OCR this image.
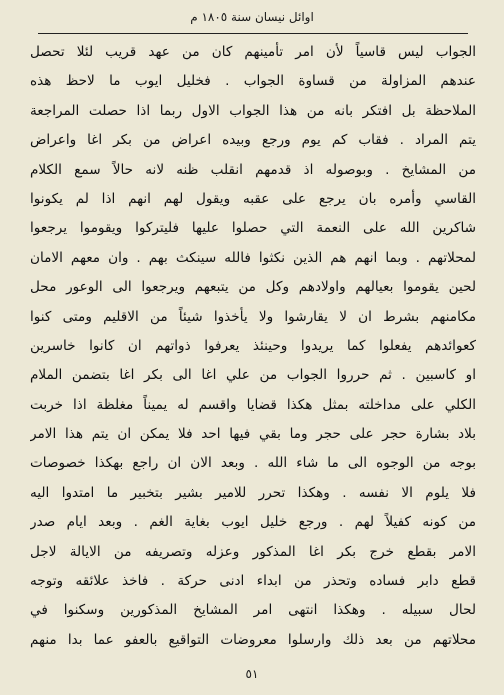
اوائل نيسان سنة ١٨٠٥ م
الجواب ليس قاسياً لأن امر تأمينهم كان من عهد قريب لئلا تحصل
عندهم المزاولة من قساوة الجواب . فخليل ايوب ما لاحظ هذه
الملاحظة بل افتكر بانه من هذا الجواب الاول ربما اذا حصلت المراجعة
يتم المراد . فقاب كم يوم ورجع وبيده اعراض من بكر اغا واعراض
من المشايخ . وبوصوله اذ قدمهم انقلب ظنه لانه حالاً سمع الكلام
القاسي وأمره بان يرجع على عقبه ويقول لهم انهم اذا لم يكونوا
شاكرين الله على النعمة التي حصلوا عليها فليتركوا ويقوموا يرجعوا
لمحلاتهم . وبما انهم هم الذين نكثوا فالله سينكث بهم . وان معهم الامان
لحين يقوموا بعيالهم واولادهم وكل من يتبعهم ويرجعوا الى الوعور محل
مكامنهم بشرط ان لا يقارشوا ولا يأخذوا شيئاً من الاقليم ومتى كنوا
كعوائدهم يفعلوا كما يريدوا وحينئذ يعرفوا ذواتهم ان كانوا خاسرين
او كاسبين . ثم حرروا الجواب من علي اغا الى بكر اغا بتضمن الملام
الكلي على مداخلته بمثل هكذا قضايا واقسم له يميناً مغلظة اذا خربت
بلاد بشارة حجر على حجر وما بقي فيها احد فلا يمكن ان يتم هذا الامر
بوجه من الوجوه الى ما شاء الله . وبعد الان ان راجع بهكذا خصوصات
فلا يلوم الا نفسه . وهكذا تحرر للامير بشير بتخبير ما امتدوا اليه
من كونه كفيلاً لهم . ورجع خليل ايوب بغاية الغم . وبعد ايام صدر
الامر بقطع خرج بكر اغا المذكور وعزله وتصريفه من الايالة لاجل
قطع دابر فساده وتحذر من ابداء ادنى حركة . فاخذ علائقه وتوجه
لحال سبيله . وهكذا انتهى امر المشايخ المذكورين وسكنوا في
محلاتهم من بعد ذلك وارسلوا معروضات التواقيع بالعفو عما بدا منهم
٥١
